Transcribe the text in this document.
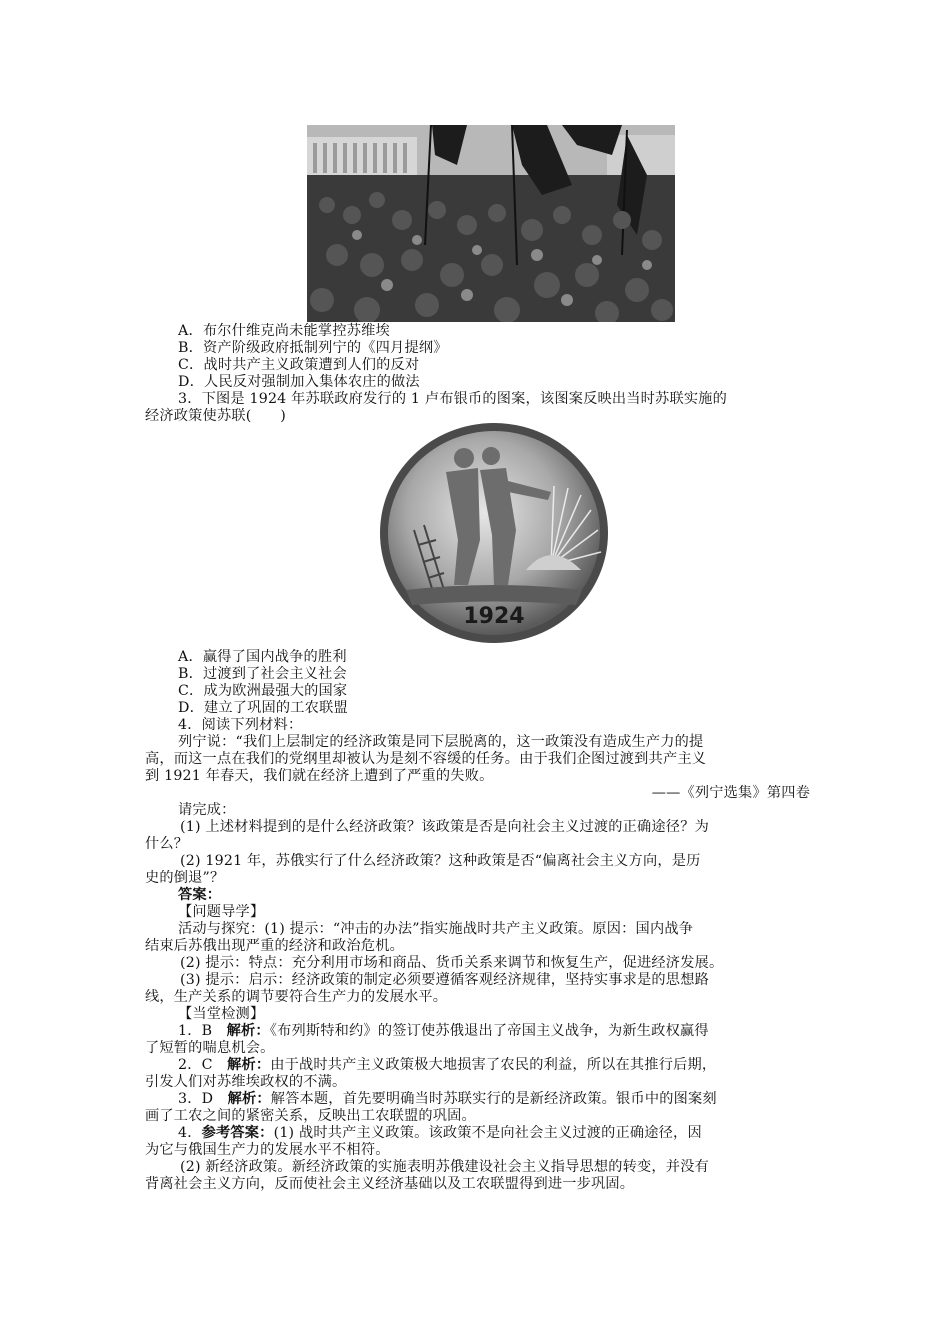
A．布尔什维克尚未能掌控苏维埃
B．资产阶级政府抵制列宁的《四月提纲》
C．战时共产主义政策遭到人们的反对
D．人民反对强制加入集体农庄的做法
3．下图是 1924 年苏联政府发行的 1 卢布银币的图案，该图案反映出当时苏联实施的
经济政策使苏联(　　)
1924
A．赢得了国内战争的胜利
B．过渡到了社会主义社会
C．成为欧洲最强大的国家
D．建立了巩固的工农联盟
4．阅读下列材料：
列宁说：“我们上层制定的经济政策是同下层脱离的，这一政策没有造成生产力的提
高，而这一点在我们的党纲里却被认为是刻不容缓的任务。由于我们企图过渡到共产主义
到 1921 年春天，我们就在经济上遭到了严重的失败。
——《列宁选集》第四卷
请完成：
(1) 上述材料提到的是什么经济政策？该政策是否是向社会主义过渡的正确途径？为
什么？
(2) 1921 年，苏俄实行了什么经济政策？这种政策是否“偏离社会主义方向，是历
史的倒退”？
答案：
【问题导学】
活动与探究：(1) 提示：“冲击的办法”指实施战时共产主义政策。原因：国内战争
结束后苏俄出现严重的经济和政治危机。
(2) 提示：特点：充分利用市场和商品、货币关系来调节和恢复生产，促进经济发展。
(3) 提示：启示：经济政策的制定必须要遵循客观经济规律，坚持实事求是的思想路
线，生产关系的调节要符合生产力的发展水平。
【当堂检测】
1．B　解析：《布列斯特和约》的签订使苏俄退出了帝国主义战争，为新生政权赢得
了短暂的喘息机会。
2．C　解析：由于战时共产主义政策极大地损害了农民的利益，所以在其推行后期，
引发人们对苏维埃政权的不满。
3．D　解析：解答本题，首先要明确当时苏联实行的是新经济政策。银币中的图案刻
画了工农之间的紧密关系，反映出工农联盟的巩固。
4．参考答案：(1) 战时共产主义政策。该政策不是向社会主义过渡的正确途径，因
为它与俄国生产力的发展水平不相符。
(2) 新经济政策。新经济政策的实施表明苏俄建设社会主义指导思想的转变，并没有
背离社会主义方向，反而使社会主义经济基础以及工农联盟得到进一步巩固。
